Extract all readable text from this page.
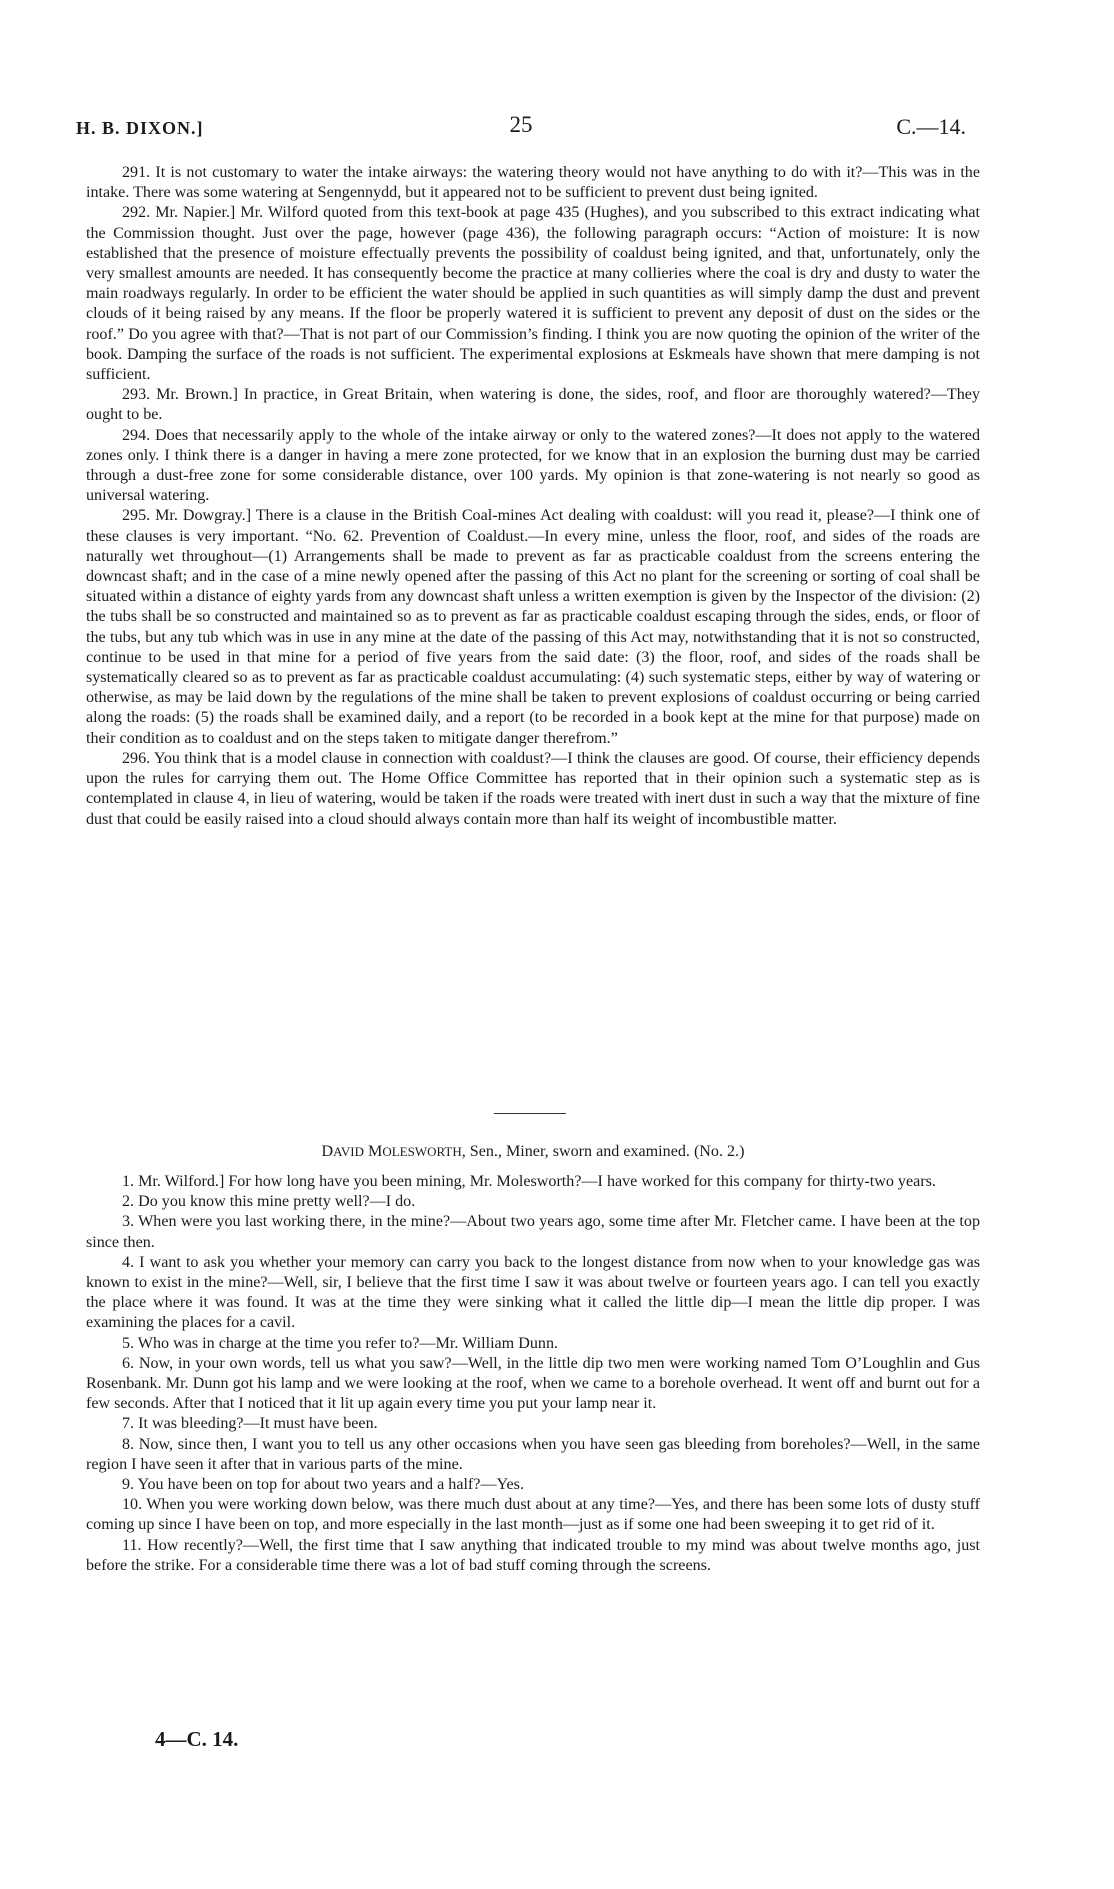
H. B. DIXON.]	25	C.—14.

291. It is not customary to water the intake airways: the watering theory would not have anything to do with it?—This was in the intake. There was some watering at Sengennydd, but it appeared not to be sufficient to prevent dust being ignited.

292. Mr. Napier.] Mr. Wilford quoted from this text-book at page 435 (Hughes), and you subscribed to this extract indicating what the Commission thought. Just over the page, however (page 436), the following paragraph occurs: “Action of moisture: It is now established that the presence of moisture effectually prevents the possibility of coaldust being ignited, and that, unfortunately, only the very smallest amounts are needed. It has consequently become the practice at many collieries where the coal is dry and dusty to water the main roadways regularly. In order to be efficient the water should be applied in such quantities as will simply damp the dust and prevent clouds of it being raised by any means. If the floor be properly watered it is sufficient to prevent any deposit of dust on the sides or the roof.” Do you agree with that?—That is not part of our Commission’s finding. I think you are now quoting the opinion of the writer of the book. Damping the surface of the roads is not sufficient. The experimental explosions at Eskmeals have shown that mere damping is not sufficient.

293. Mr. Brown.] In practice, in Great Britain, when watering is done, the sides, roof, and floor are thoroughly watered?—They ought to be.

294. Does that necessarily apply to the whole of the intake airway or only to the watered zones?—It does not apply to the watered zones only. I think there is a danger in having a mere zone protected, for we know that in an explosion the burning dust may be carried through a dust-free zone for some considerable distance, over 100 yards. My opinion is that zone-watering is not nearly so good as universal watering.

295. Mr. Dowgray.] There is a clause in the British Coal-mines Act dealing with coaldust: will you read it, please?—I think one of these clauses is very important. “No. 62. Prevention of Coaldust.—In every mine, unless the floor, roof, and sides of the roads are naturally wet throughout—(1) Arrangements shall be made to prevent as far as practicable coaldust from the screens entering the downcast shaft; and in the case of a mine newly opened after the passing of this Act no plant for the screening or sorting of coal shall be situated within a distance of eighty yards from any downcast shaft unless a written exemption is given by the Inspector of the division: (2) the tubs shall be so constructed and maintained so as to prevent as far as practicable coaldust escaping through the sides, ends, or floor of the tubs, but any tub which was in use in any mine at the date of the passing of this Act may, notwithstanding that it is not so constructed, continue to be used in that mine for a period of five years from the said date: (3) the floor, roof, and sides of the roads shall be systematically cleared so as to prevent as far as practicable coaldust accumulating: (4) such systematic steps, either by way of watering or otherwise, as may be laid down by the regulations of the mine shall be taken to prevent explosions of coaldust occurring or being carried along the roads: (5) the roads shall be examined daily, and a report (to be recorded in a book kept at the mine for that purpose) made on their condition as to coaldust and on the steps taken to mitigate danger therefrom.”

296. You think that is a model clause in connection with coaldust?—I think the clauses are good. Of course, their efficiency depends upon the rules for carrying them out. The Home Office Committee has reported that in their opinion such a systematic step as is contemplated in clause 4, in lieu of watering, would be taken if the roads were treated with inert dust in such a way that the mixture of fine dust that could be easily raised into a cloud should always contain more than half its weight of incombustible matter.

DAVID MOLESWORTH, Sen., Miner, sworn and examined. (No. 2.)

1. Mr. Wilford.] For how long have you been mining, Mr. Molesworth?—I have worked for this company for thirty-two years.

2. Do you know this mine pretty well?—I do.

3. When were you last working there, in the mine?—About two years ago, some time after Mr. Fletcher came. I have been at the top since then.

4. I want to ask you whether your memory can carry you back to the longest distance from now when to your knowledge gas was known to exist in the mine?—Well, sir, I believe that the first time I saw it was about twelve or fourteen years ago. I can tell you exactly the place where it was found. It was at the time they were sinking what it called the little dip—I mean the little dip proper. I was examining the places for a cavil.

5. Who was in charge at the time you refer to?—Mr. William Dunn.

6. Now, in your own words, tell us what you saw?—Well, in the little dip two men were working named Tom O’Loughlin and Gus Rosenbank. Mr. Dunn got his lamp and we were looking at the roof, when we came to a borehole overhead. It went off and burnt out for a few seconds. After that I noticed that it lit up again every time you put your lamp near it.

7. It was bleeding?—It must have been.

8. Now, since then, I want you to tell us any other occasions when you have seen gas bleeding from boreholes?—Well, in the same region I have seen it after that in various parts of the mine.

9. You have been on top for about two years and a half?—Yes.

10. When you were working down below, was there much dust about at any time?—Yes, and there has been some lots of dusty stuff coming up since I have been on top, and more especially in the last month—just as if some one had been sweeping it to get rid of it.

11. How recently?—Well, the first time that I saw anything that indicated trouble to my mind was about twelve months ago, just before the strike. For a considerable time there was a lot of bad stuff coming through the screens.

4—C. 14.
